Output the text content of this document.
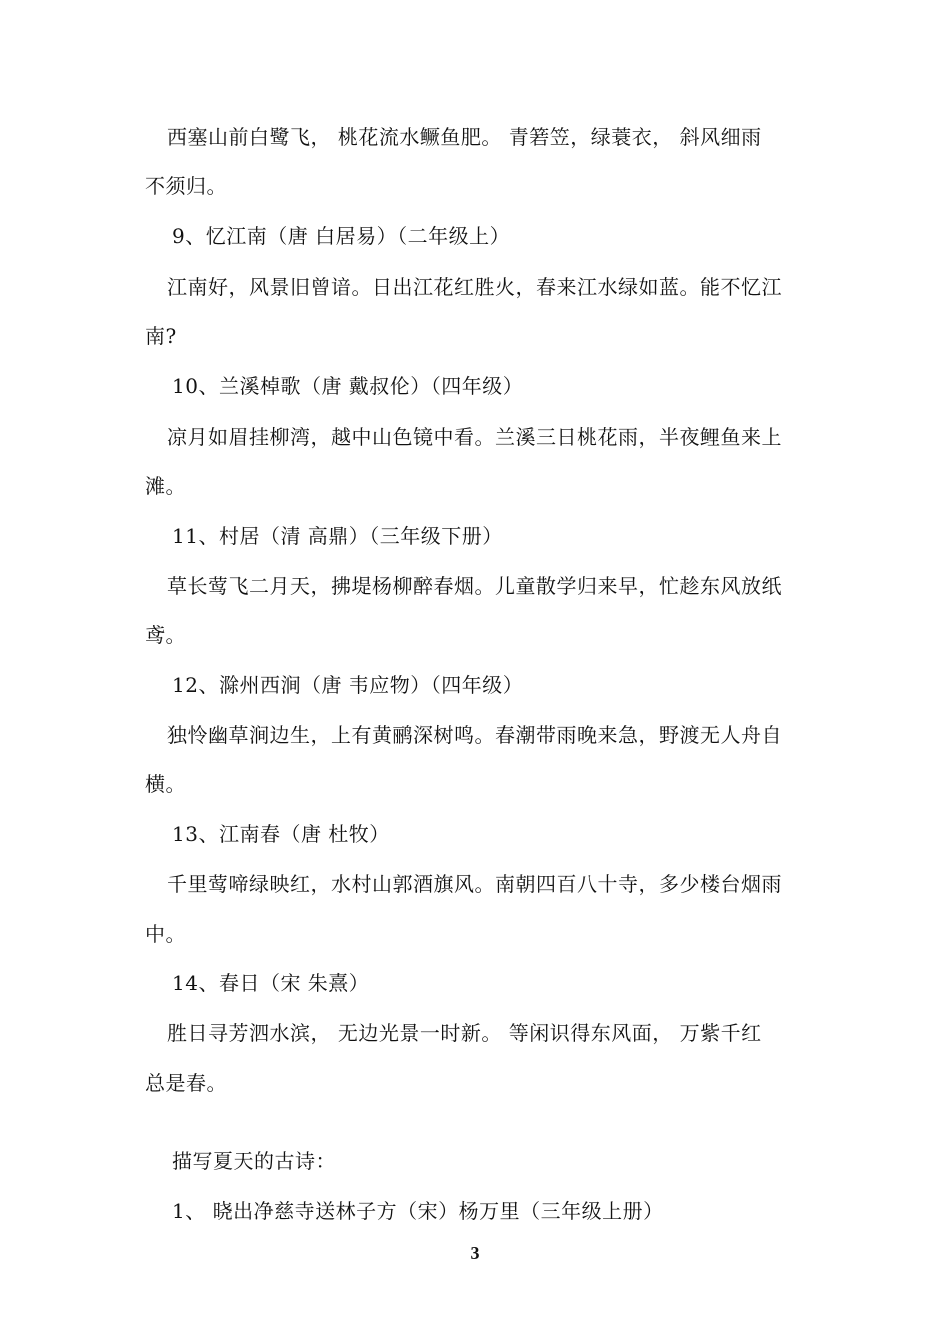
西塞山前白鹭飞， 桃花流水鳜鱼肥。 青箬笠，绿蓑衣， 斜风细雨
不须归。
9、忆江南（唐 白居易）（二年级上）
江南好，风景旧曾谙。日出江花红胜火，春来江水绿如蓝。能不忆江
南?
10、兰溪棹歌（唐 戴叔伦）（四年级）
凉月如眉挂柳湾，越中山色镜中看。兰溪三日桃花雨，半夜鲤鱼来上
滩。
11、村居（清 高鼎）（三年级下册）
草长莺飞二月天，拂堤杨柳醉春烟。儿童散学归来早，忙趁东风放纸
鸢。
12、滁州西涧（唐 韦应物）（四年级）
独怜幽草涧边生，上有黄鹂深树鸣。春潮带雨晚来急，野渡无人舟自
横。
13、江南春（唐 杜牧）
千里莺啼绿映红，水村山郭酒旗风。南朝四百八十寺，多少楼台烟雨
中。
14、春日（宋 朱熹）
胜日寻芳泗水滨， 无边光景一时新。 等闲识得东风面， 万紫千红
总是春。
描写夏天的古诗：
1、 晓出净慈寺送林子方（宋）杨万里（三年级上册）
3
